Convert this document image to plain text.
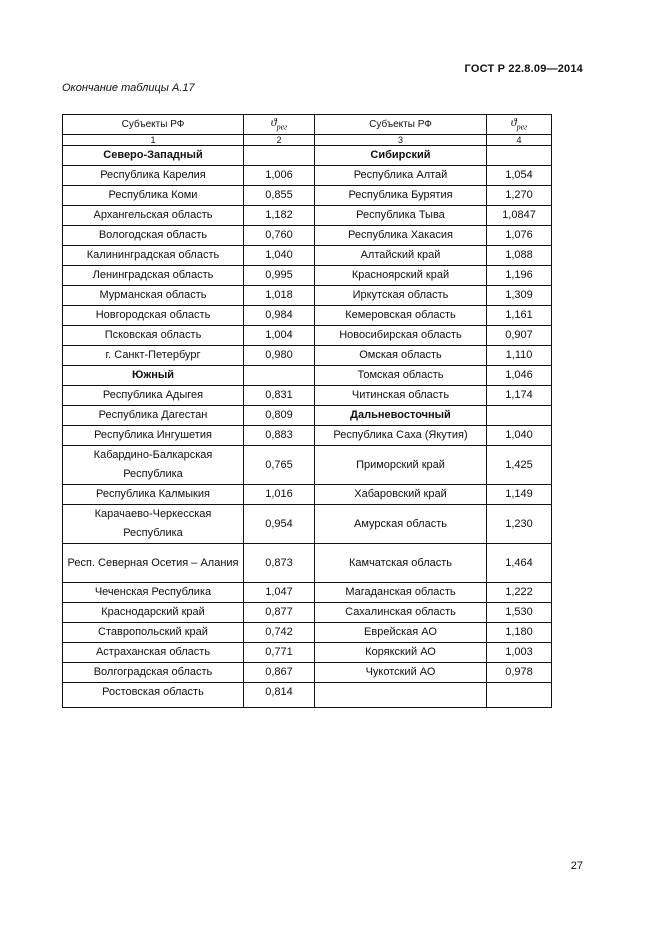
ГОСТ Р 22.8.09—2014
Окончание таблицы А.17
Субъекты РФ	$ϑ_{рег}$	Субъекты РФ	$ϑ_{рег}$
1	2	3	4
Северо-Западный		Сибирский	
Республика Карелия	1,006	Республика Алтай	1,054
Республика Коми	0,855	Республика Бурятия	1,270
Архангельская область	1,182	Республика Тыва	1,0847
Вологодская область	0,760	Республика Хакасия	1,076
Калининградская область	1,040	Алтайский край	1,088
Ленинградская область	0,995	Красноярский край	1,196
Мурманская область	1,018	Иркутская область	1,309
Новгородская область	0,984	Кемеровская область	1,161
Псковская область	1,004	Новосибирская область	0,907
г. Санкт-Петербург	0,980	Омская область	1,110
Южный		Томская область	1,046
Республика Адыгея	0,831	Читинская область	1,174
Республика Дагестан	0,809	Дальневосточный	
Республика Ингушетия	0,883	Республика Саха (Якутия)	1,040
Кабардино-Балкарская Республика	0,765	Приморский край	1,425
Республика Калмыкия	1,016	Хабаровский край	1,149
Карачаево-Черкесская Республика	0,954	Амурская область	1,230
Респ. Северная Осетия – Алания	0,873	Камчатская область	1,464
Чеченская Республика	1,047	Магаданская область	1,222
Краснодарский край	0,877	Сахалинская область	1,530
Ставропольский край	0,742	Еврейская АО	1,180
Астраханская область	0,771	Корякский АО	1,003
Волгоградская область	0,867	Чукотский АО	0,978
Ростовская область	0,814		
27
